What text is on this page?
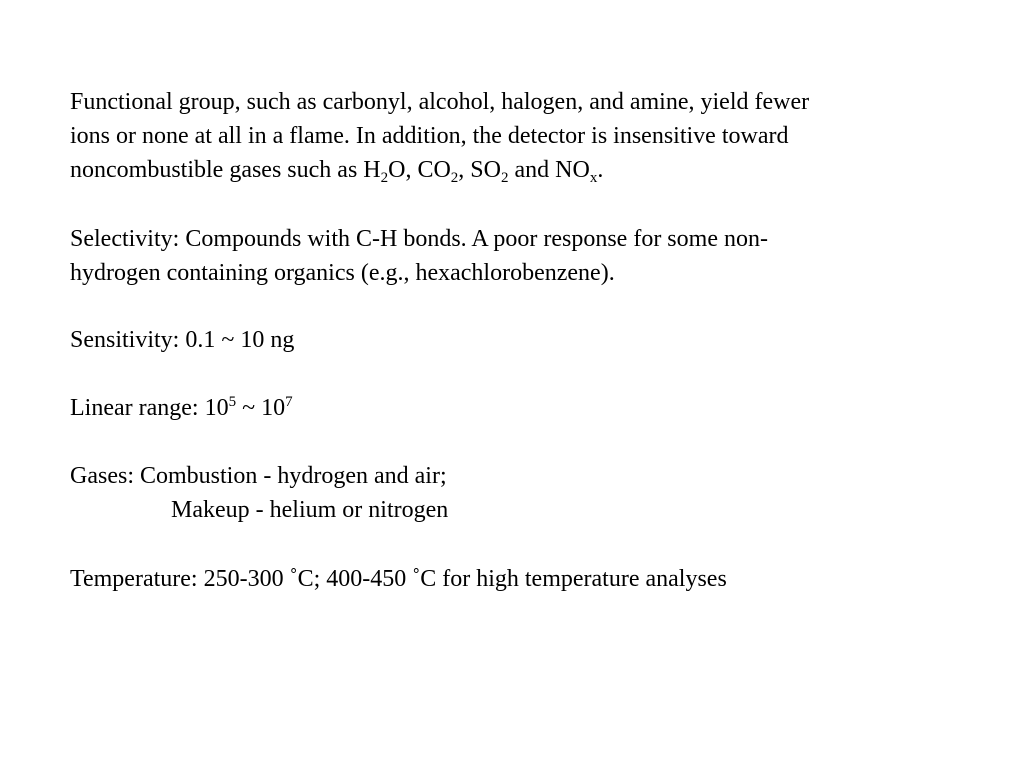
Functional group, such as carbonyl, alcohol, halogen, and amine, yield fewer
ions or none at all in a flame. In addition, the detector is insensitive toward
noncombustible gases such as $H_2O$, $CO_2$, $SO_2$ and $NO_x$.

Selectivity: Compounds with C-H bonds. A poor response for some non-
hydrogen containing organics (e.g., hexachlorobenzene).

Sensitivity: 0.1 ~ 10 ng

Linear range: $10^5$ ~ $10^7$

Gases: Combustion - hydrogen and air;
Makeup - helium or nitrogen

Temperature: 250-300 ˚C; 400-450 ˚C for high temperature analyses
